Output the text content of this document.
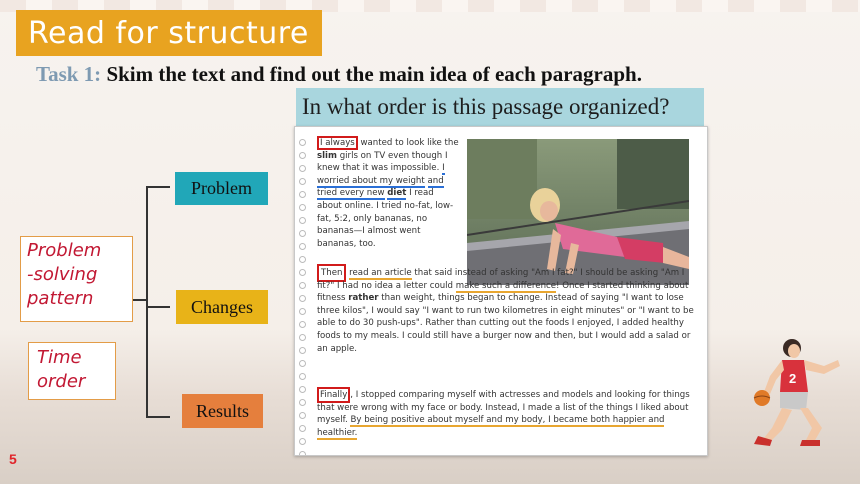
Read for structure
Task 1: Skim the text and find out the main idea of each paragraph.
In what order is this passage organized?
Problem
Changes
Results
Problem
-solving
pattern
Time
order
I always wanted to look like the slim girls on TV even though I knew that it was impossible. I worried about my weight and tried every new diet I read about online. I tried no-fat, low-fat, 5:2, only bananas, no bananas—I almost went bananas, too.
Then read an article that said instead of asking "Am I fat?" I should be asking "Am I fit?" I had no idea a letter could make such a difference! Once I started thinking about fitness rather than weight, things began to change. Instead of saying "I want to lose three kilos", I would say "I want to run two kilometres in eight minutes" or "I want to be able to do 30 push-ups". Rather than cutting out the foods I enjoyed, I added healthy foods to my meals. I could still have a burger now and then, but I would add a salad or an apple.
Finally , I stopped comparing myself with actresses and models and looking for things that were wrong with my face or body. Instead, I made a list of the things I liked about myself. By being positive about myself and my body, I became both happier and healthier.
2
5
